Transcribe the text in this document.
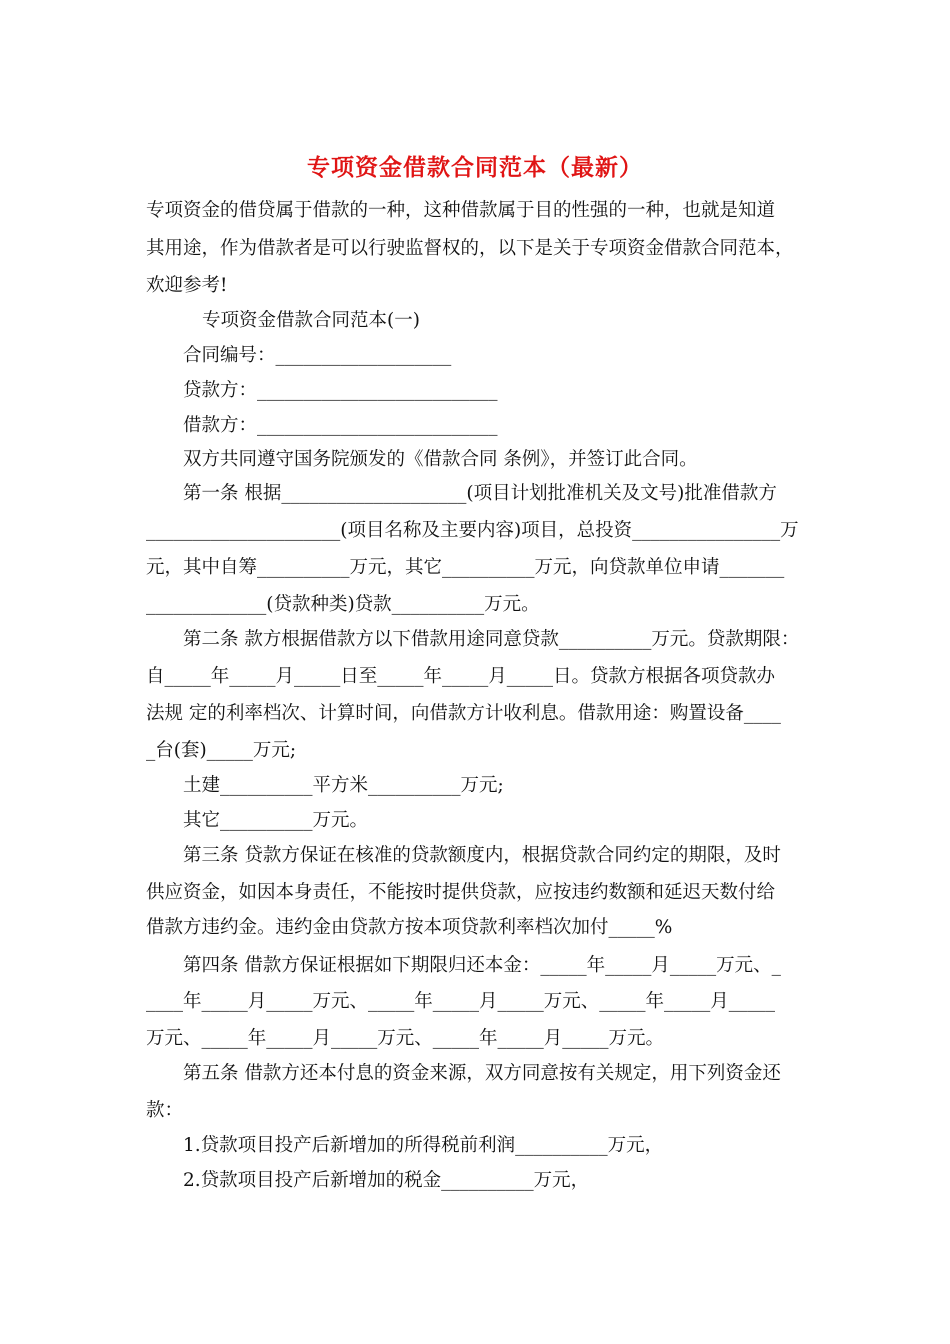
专项资金借款合同范本（最新）
专项资金的借贷属于借款的一种，这种借款属于目的性强的一种，也就是知道
其用途，作为借款者是可以行驶监督权的，以下是关于专项资金借款合同范本，
欢迎参考!
专项资金借款合同范本(一)
合同编号：___________________
贷款方：__________________________
借款方：__________________________
双方共同遵守国务院颁发的《借款合同 条例》，并签订此合同。
第一条 根据____________________(项目计划批准机关及文号)批准借款方
_____________________(项目名称及主要内容)项目，总投资________________万
元，其中自筹__________万元，其它__________万元，向贷款单位申请_______
_____________(贷款种类)贷款__________万元。
第二条 款方根据借款方以下借款用途同意贷款__________万元。贷款期限：
自_____年_____月_____日至_____年_____月_____日。贷款方根据各项贷款办
法规 定的利率档次、计算时间，向借款方计收利息。借款用途：购置设备____
_台(套)_____万元;
土建__________平方米__________万元;
其它__________万元。
第三条 贷款方保证在核准的贷款额度内，根据贷款合同约定的期限，及时
供应资金，如因本身责任，不能按时提供贷款，应按违约数额和延迟天数付给
借款方违约金。违约金由贷款方按本项贷款利率档次加付_____%
第四条 借款方保证根据如下期限归还本金：_____年_____月_____万元、_
____年_____月_____万元、_____年_____月_____万元、_____年_____月_____
万元、_____年_____月_____万元、_____年_____月_____万元。
第五条 借款方还本付息的资金来源，双方同意按有关规定，用下列资金还
款：
1.贷款项目投产后新增加的所得税前利润__________万元，
2.贷款项目投产后新增加的税金__________万元，
